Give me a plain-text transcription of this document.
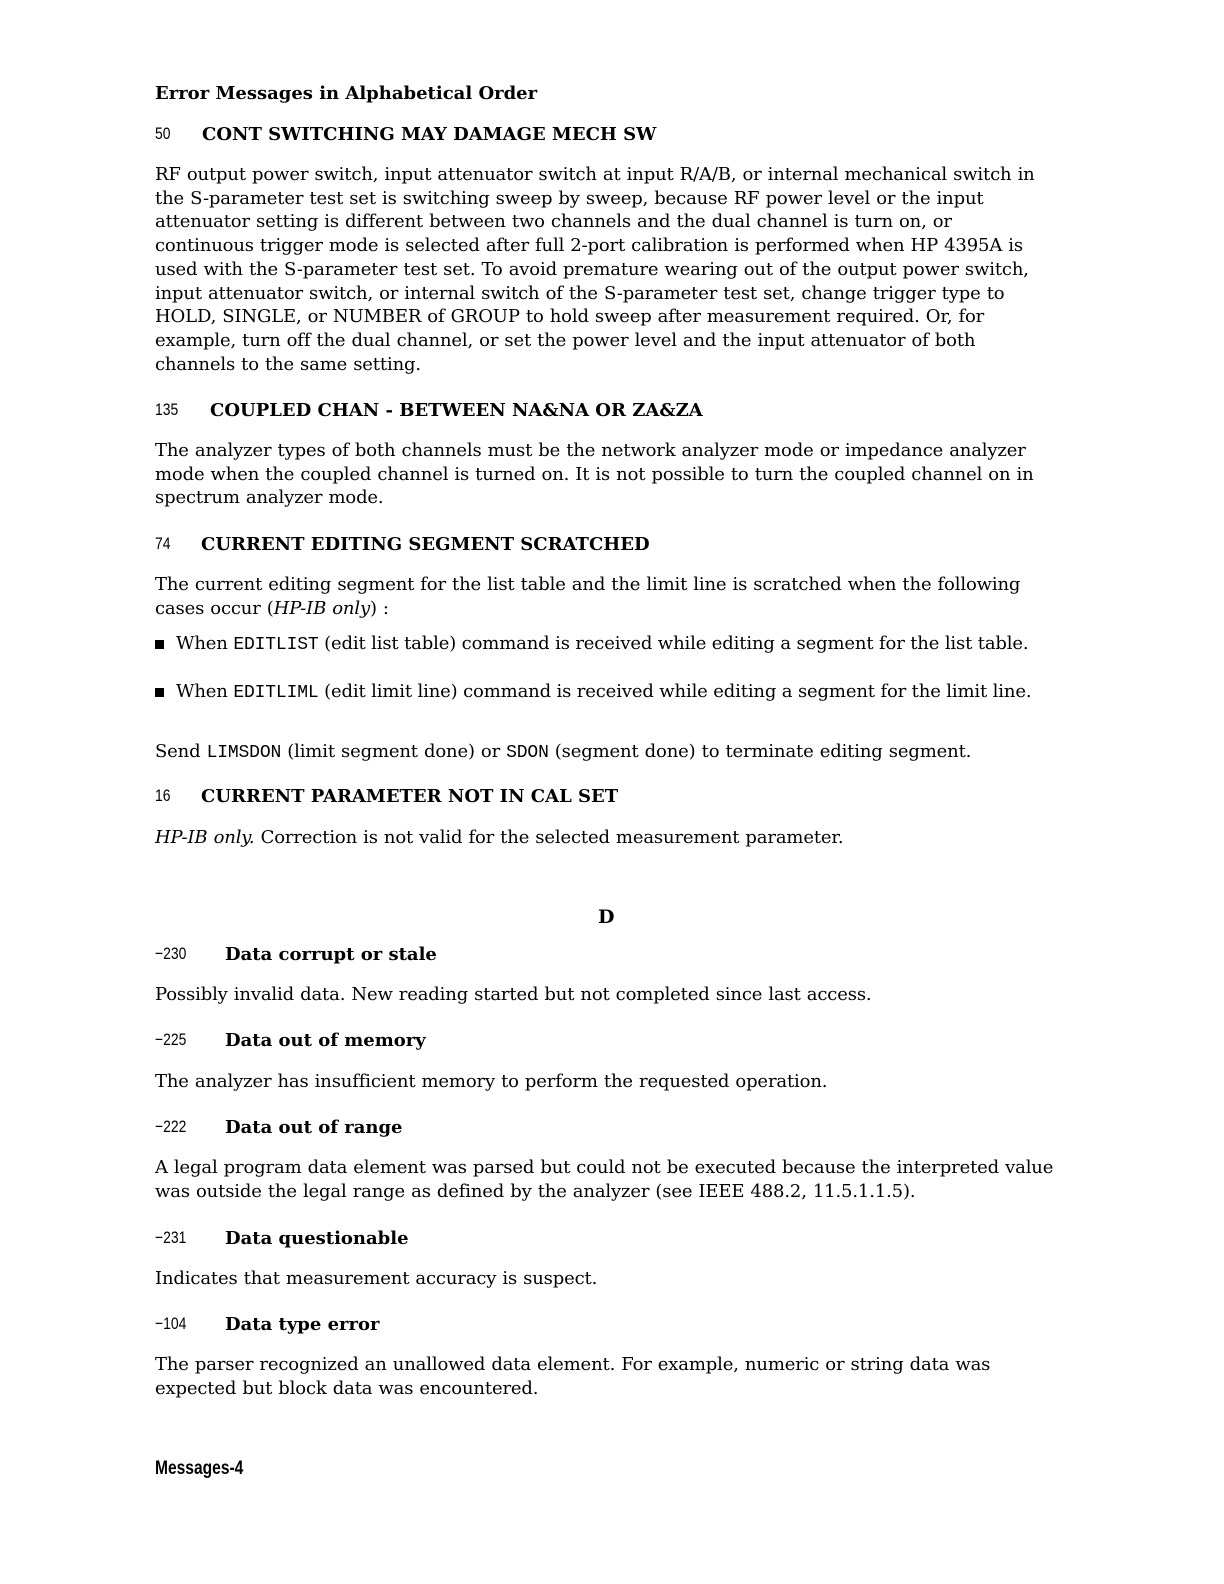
Error Messages in Alphabetical Order
50 CONT SWITCHING MAY DAMAGE MECH SW

RF output power switch, input attenuator switch at input R/A/B, or internal mechanical switch in the S-parameter test set is switching sweep by sweep, because RF power level or the input attenuator setting is different between two channels and the dual channel is turn on, or continuous trigger mode is selected after full 2-port calibration is performed when HP 4395A is used with the S-parameter test set. To avoid premature wearing out of the output power switch, input attenuator switch, or internal switch of the S-parameter test set, change trigger type to HOLD, SINGLE, or NUMBER of GROUP to hold sweep after measurement required. Or, for example, turn off the dual channel, or set the power level and the input attenuator of both channels to the same setting.

135 COUPLED CHAN - BETWEEN NA&NA OR ZA&ZA

The analyzer types of both channels must be the network analyzer mode or impedance analyzer mode when the coupled channel is turned on. It is not possible to turn the coupled channel on in spectrum analyzer mode.

74 CURRENT EDITING SEGMENT SCRATCHED

The current editing segment for the list table and the limit line is scratched when the following cases occur (HP-IB only) :

When EDITLIST (edit list table) command is received while editing a segment for the list table.
When EDITLIML (edit limit line) command is received while editing a segment for the limit line.

Send LIMSDON (limit segment done) or SDON (segment done) to terminate editing segment.

16 CURRENT PARAMETER NOT IN CAL SET

HP-IB only. Correction is not valid for the selected measurement parameter.

D
−230 Data corrupt or stale

Possibly invalid data. New reading started but not completed since last access.

−225 Data out of memory

The analyzer has insufficient memory to perform the requested operation.

−222 Data out of range

A legal program data element was parsed but could not be executed because the interpreted value was outside the legal range as defined by the analyzer (see IEEE 488.2, 11.5.1.1.5).

−231 Data questionable

Indicates that measurement accuracy is suspect.

−104 Data type error

The parser recognized an unallowed data element. For example, numeric or string data was expected but block data was encountered.

Messages-4
